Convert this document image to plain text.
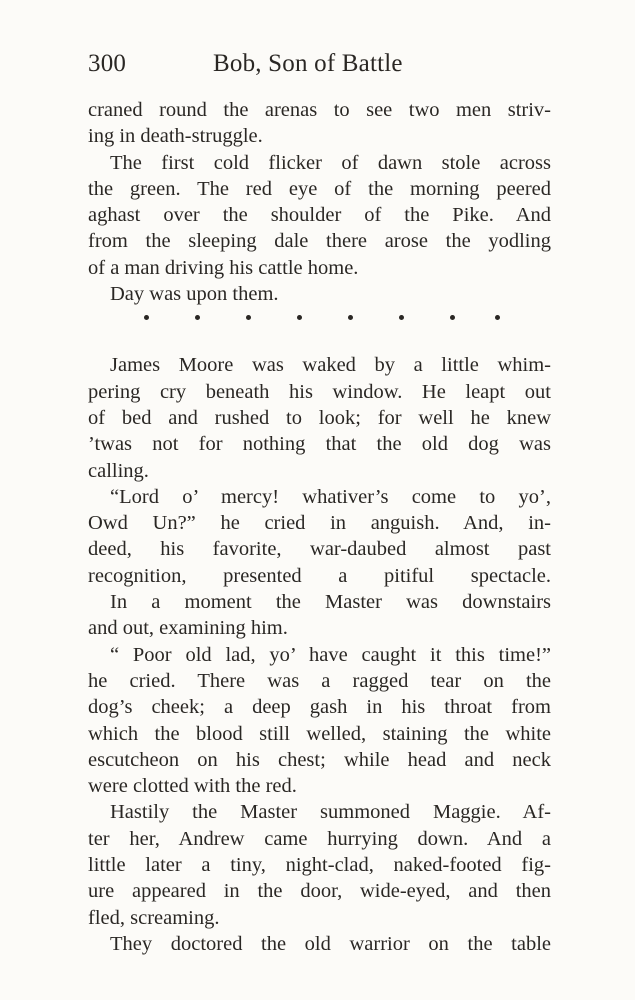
300	Bob, Son of Battle
craned round the arenas to see two men striv-
ing in death-struggle.
The first cold flicker of dawn stole across
the green. The red eye of the morning peered
aghast over the shoulder of the Pike. And
from the sleeping dale there arose the yodling
of a man driving his cattle home.
Day was upon them.
James Moore was waked by a little whim-
pering cry beneath his window. He leapt out
of bed and rushed to look; for well he knew
’twas not for nothing that the old dog was
calling.
“Lord o’ mercy! whativer’s come to yo’,
Owd Un?” he cried in anguish. And, in-
deed, his favorite, war-daubed almost past
recognition, presented a pitiful spectacle.
In a moment the Master was downstairs
and out, examining him.
“ Poor old lad, yo’ have caught it this time!”
he cried. There was a ragged tear on the
dog’s cheek; a deep gash in his throat from
which the blood still welled, staining the white
escutcheon on his chest; while head and neck
were clotted with the red.
Hastily the Master summoned Maggie. Af-
ter her, Andrew came hurrying down. And a
little later a tiny, night-clad, naked-footed fig-
ure appeared in the door, wide-eyed, and then
fled, screaming.
They doctored the old warrior on the table
